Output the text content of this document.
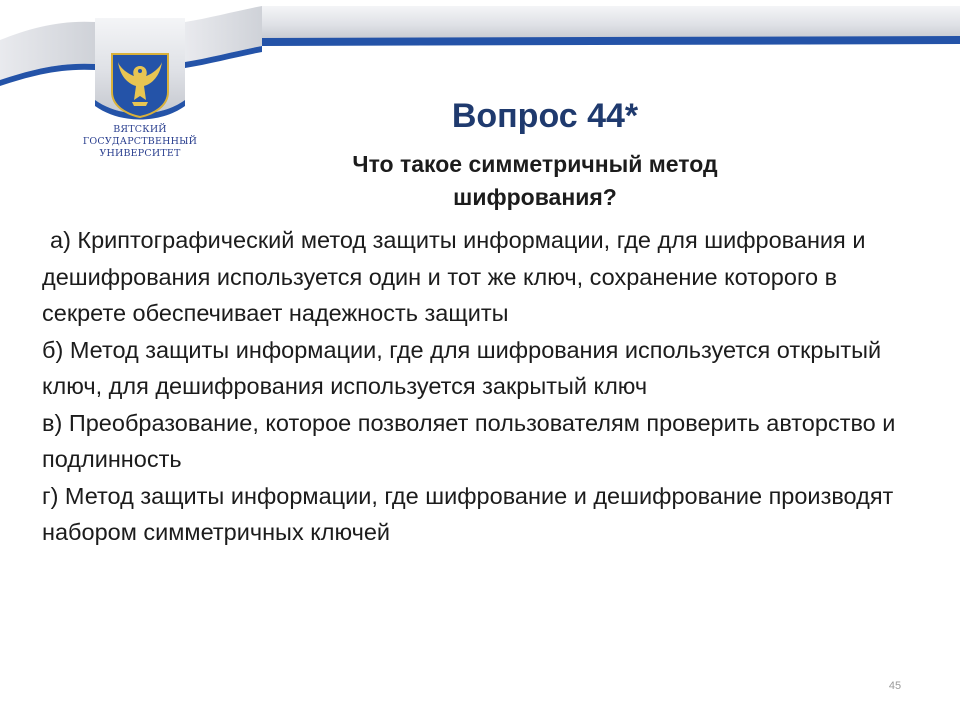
ВЯТСКИЙ
ГОСУДАРСТВЕННЫЙ
УНИВЕРСИТЕТ
Вопрос 44*

Что такое симметричный метод шифрования?

а) Криптографический метод защиты информации, где для шифрования и дешифрования используется один и тот же ключ, сохранение которого в секрете обеспечивает надежность защиты

б) Метод защиты информации, где для шифрования используется открытый ключ, для дешифрования используется закрытый ключ

в) Преобразование, которое позволяет пользователям проверить авторство и подлинность

г) Метод защиты информации, где шифрование и дешифрование производят набором симметричных ключей

45
